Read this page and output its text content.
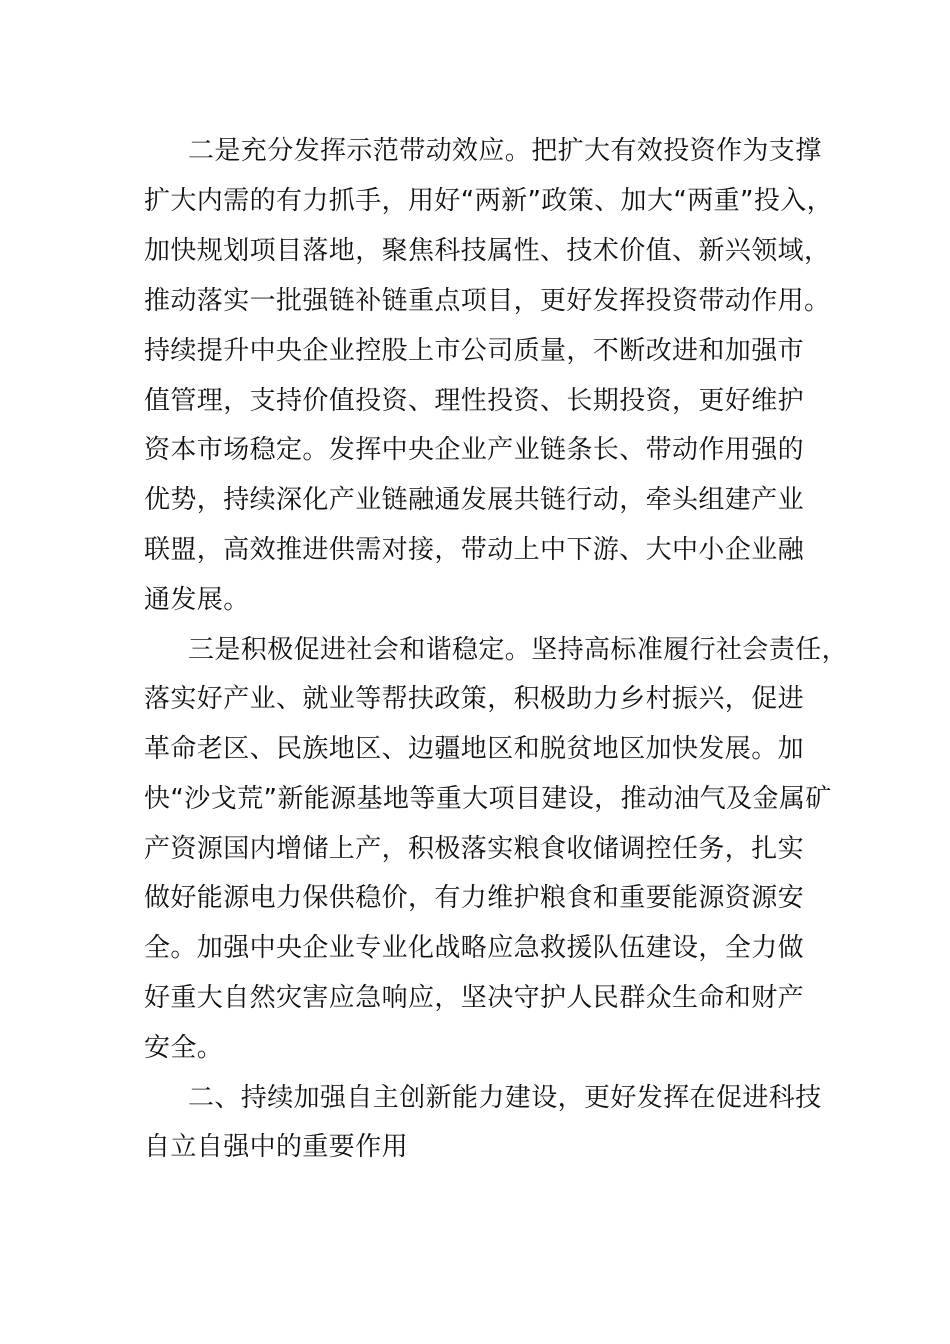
二是充分发挥示范带动效应。把扩大有效投资作为支撑
扩大内需的有力抓手，用好“两新”政策、加大“两重”投入，
加快规划项目落地，聚焦科技属性、技术价值、新兴领域，
推动落实一批强链补链重点项目，更好发挥投资带动作用。
持续提升中央企业控股上市公司质量，不断改进和加强市
值管理，支持价值投资、理性投资、长期投资，更好维护
资本市场稳定。发挥中央企业产业链条长、带动作用强的
优势，持续深化产业链融通发展共链行动，牵头组建产业
联盟，高效推进供需对接，带动上中下游、大中小企业融
通发展。
三是积极促进社会和谐稳定。坚持高标准履行社会责任，
落实好产业、就业等帮扶政策，积极助力乡村振兴，促进
革命老区、民族地区、边疆地区和脱贫地区加快发展。加
快“沙戈荒”新能源基地等重大项目建设，推动油气及金属矿
产资源国内增储上产，积极落实粮食收储调控任务，扎实
做好能源电力保供稳价，有力维护粮食和重要能源资源安
全。加强中央企业专业化战略应急救援队伍建设，全力做
好重大自然灾害应急响应，坚决守护人民群众生命和财产
安全。
二、持续加强自主创新能力建设，更好发挥在促进科技
自立自强中的重要作用
